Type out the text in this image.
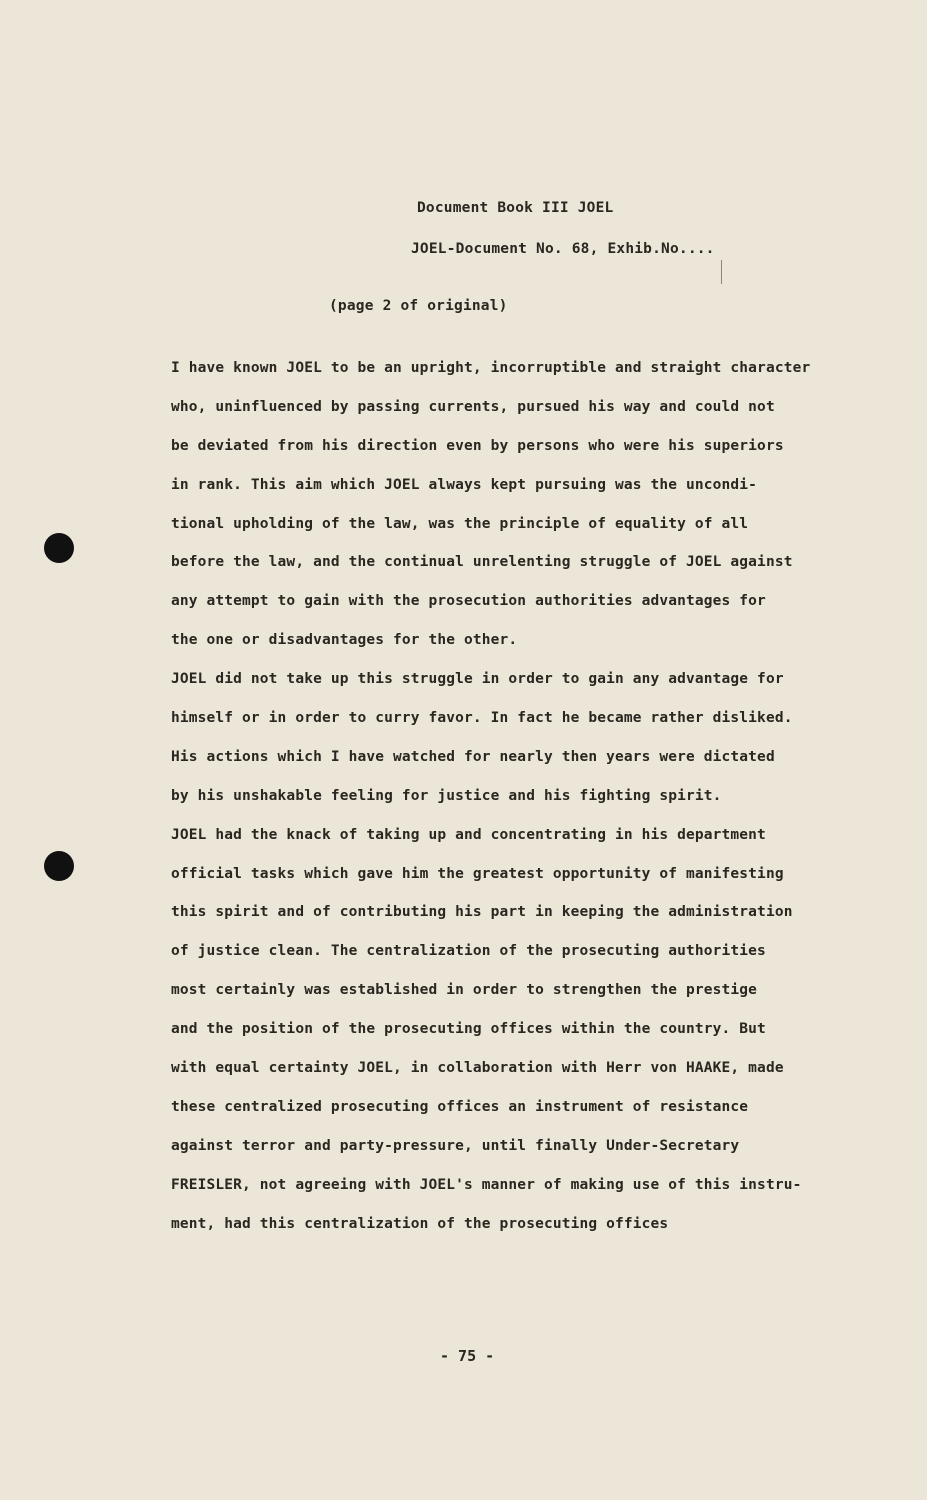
Document Book III JOEL
JOEL-Document No. 68, Exhib.No....
(page 2 of original)
I have known JOEL to be an upright, incorruptible and straight character
who, uninfluenced by passing currents, pursued his way and could not
be deviated from his direction even by persons who were his superiors
in rank. This aim which JOEL always kept pursuing was the uncondi-
tional upholding of the law, was the principle of equality of all
before the law, and the continual unrelenting struggle of JOEL against
any attempt to gain with the prosecution authorities advantages for
the one or disadvantages for the other.
JOEL did not take up this struggle in order to gain any advantage for
himself or in order to curry favor. In fact he became rather disliked.
His actions which I have watched for nearly then years were dictated
by his unshakable feeling for justice and his fighting spirit.
JOEL had the knack of taking up and concentrating in his department
official tasks which gave him the greatest opportunity of manifesting
this spirit and of contributing his part in keeping the administration
of justice clean. The centralization of the prosecuting authorities
most certainly was established in order to strengthen the prestige
and the position of the prosecuting offices within the country. But
with equal certainty JOEL, in collaboration with Herr von HAAKE, made
these centralized prosecuting offices an instrument of resistance
against terror and party-pressure, until finally Under-Secretary
FREISLER, not agreeing with JOEL's manner of making use of this instru-
ment, had this centralization of the prosecuting offices
- 75 -
